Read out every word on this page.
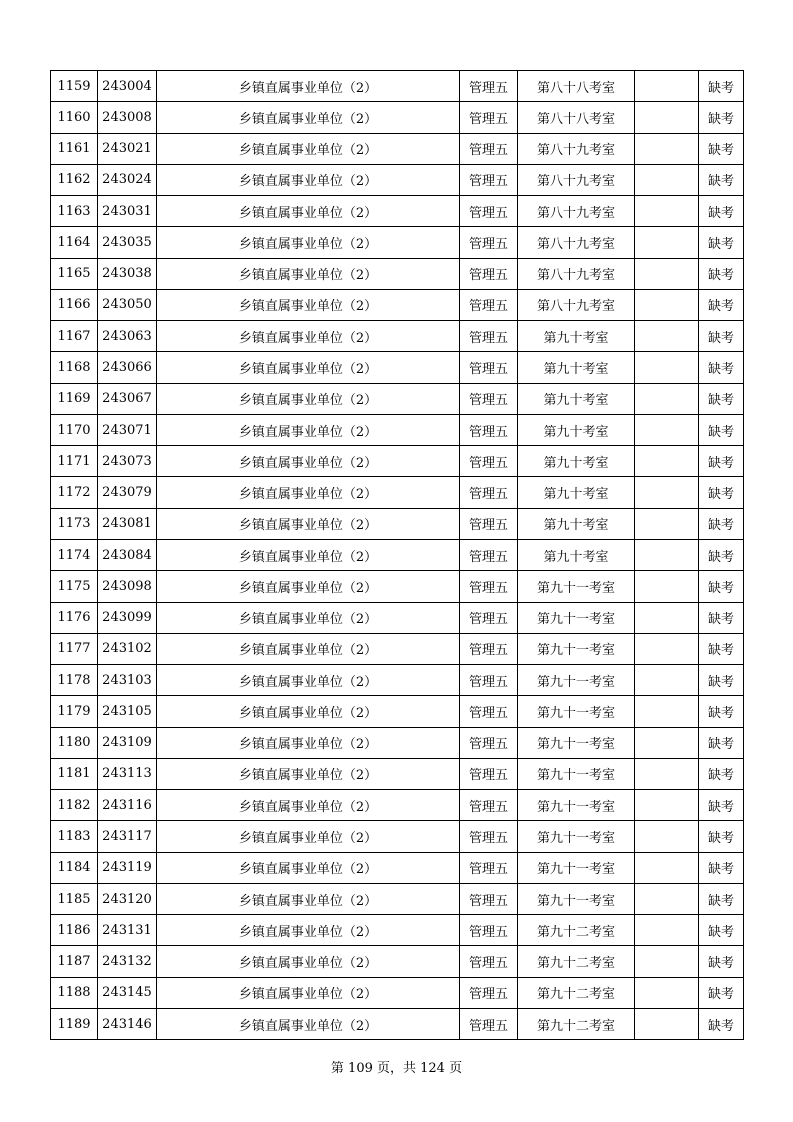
1159	243004	乡镇直属事业单位（2）	管理五	第八十八考室		缺考
1160	243008	乡镇直属事业单位（2）	管理五	第八十八考室		缺考
1161	243021	乡镇直属事业单位（2）	管理五	第八十九考室		缺考
1162	243024	乡镇直属事业单位（2）	管理五	第八十九考室		缺考
1163	243031	乡镇直属事业单位（2）	管理五	第八十九考室		缺考
1164	243035	乡镇直属事业单位（2）	管理五	第八十九考室		缺考
1165	243038	乡镇直属事业单位（2）	管理五	第八十九考室		缺考
1166	243050	乡镇直属事业单位（2）	管理五	第八十九考室		缺考
1167	243063	乡镇直属事业单位（2）	管理五	第九十考室		缺考
1168	243066	乡镇直属事业单位（2）	管理五	第九十考室		缺考
1169	243067	乡镇直属事业单位（2）	管理五	第九十考室		缺考
1170	243071	乡镇直属事业单位（2）	管理五	第九十考室		缺考
1171	243073	乡镇直属事业单位（2）	管理五	第九十考室		缺考
1172	243079	乡镇直属事业单位（2）	管理五	第九十考室		缺考
1173	243081	乡镇直属事业单位（2）	管理五	第九十考室		缺考
1174	243084	乡镇直属事业单位（2）	管理五	第九十考室		缺考
1175	243098	乡镇直属事业单位（2）	管理五	第九十一考室		缺考
1176	243099	乡镇直属事业单位（2）	管理五	第九十一考室		缺考
1177	243102	乡镇直属事业单位（2）	管理五	第九十一考室		缺考
1178	243103	乡镇直属事业单位（2）	管理五	第九十一考室		缺考
1179	243105	乡镇直属事业单位（2）	管理五	第九十一考室		缺考
1180	243109	乡镇直属事业单位（2）	管理五	第九十一考室		缺考
1181	243113	乡镇直属事业单位（2）	管理五	第九十一考室		缺考
1182	243116	乡镇直属事业单位（2）	管理五	第九十一考室		缺考
1183	243117	乡镇直属事业单位（2）	管理五	第九十一考室		缺考
1184	243119	乡镇直属事业单位（2）	管理五	第九十一考室		缺考
1185	243120	乡镇直属事业单位（2）	管理五	第九十一考室		缺考
1186	243131	乡镇直属事业单位（2）	管理五	第九十二考室		缺考
1187	243132	乡镇直属事业单位（2）	管理五	第九十二考室		缺考
1188	243145	乡镇直属事业单位（2）	管理五	第九十二考室		缺考
1189	243146	乡镇直属事业单位（2）	管理五	第九十二考室		缺考
第 109 页，共 124 页
